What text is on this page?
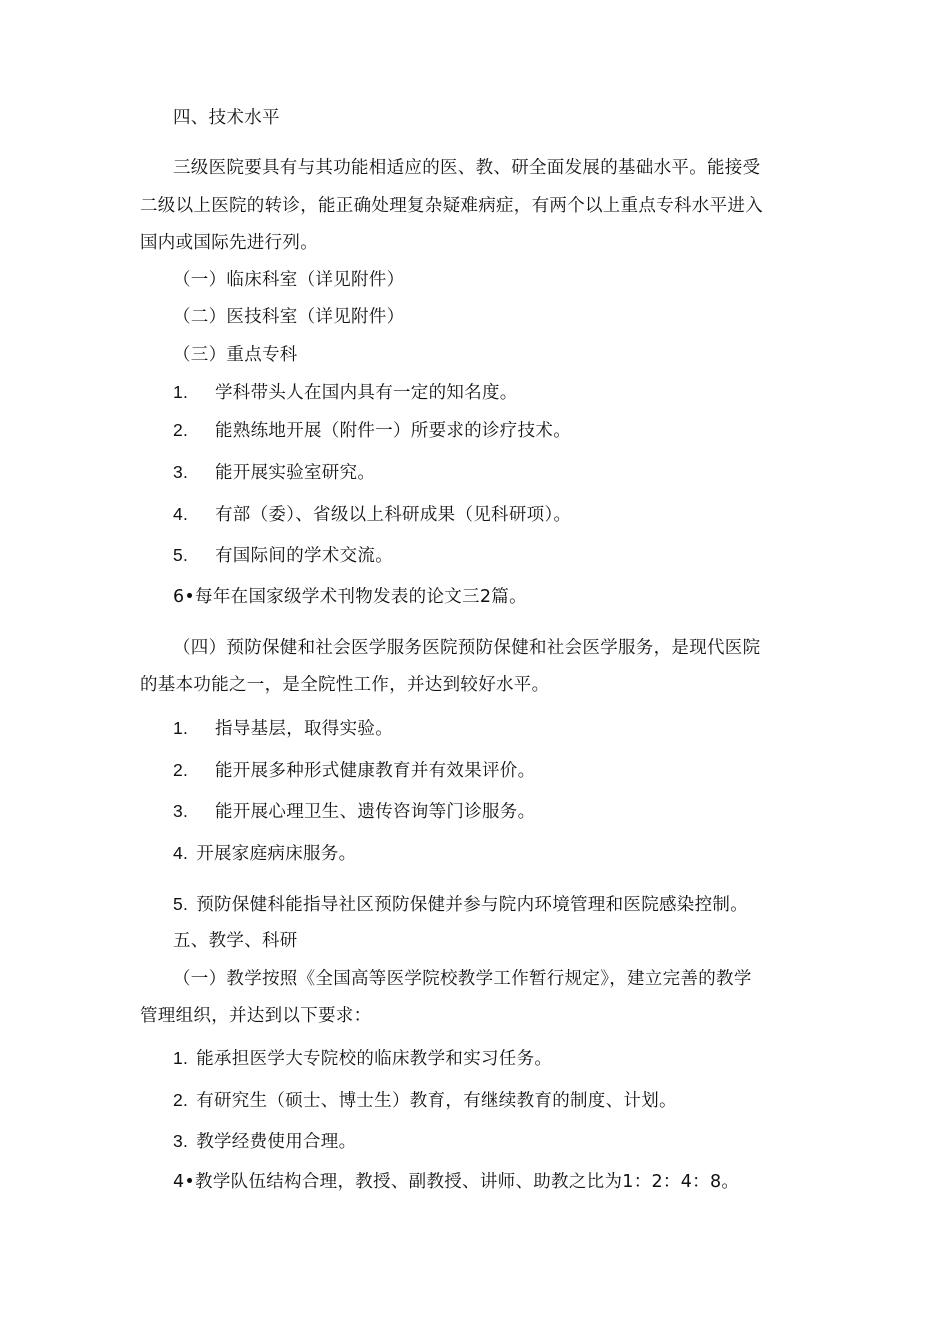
四、技术水平
三级医院要具有与其功能相适应的医、教、研全面发展的基础水平。能接受
二级以上医院的转诊，能正确处理复杂疑难病症，有两个以上重点专科水平进入
国内或国际先进行列。
（一）临床科室（详见附件）
（二）医技科室（详见附件）
（三）重点专科
1. 学科带头人在国内具有一定的知名度。
2. 能熟练地开展（附件一）所要求的诊疗技术。
3. 能开展实验室研究。
4. 有部（委）、省级以上科研成果（见科研项）。
5. 有国际间的学术交流。
6•每年在国家级学术刊物发表的论文三2篇。
（四）预防保健和社会医学服务医院预防保健和社会医学服务，是现代医院
的基本功能之一，是全院性工作，并达到较好水平。
1. 指导基层，取得实验。
2. 能开展多种形式健康教育并有效果评价。
3. 能开展心理卫生、遗传咨询等门诊服务。
4. 开展家庭病床服务。
5. 预防保健科能指导社区预防保健并参与院内环境管理和医院感染控制。
五、教学、科研
（一）教学按照《全国高等医学院校教学工作暂行规定》，建立完善的教学
管理组织，并达到以下要求：
1. 能承担医学大专院校的临床教学和实习任务。
2. 有研究生（硕士、博士生）教育，有继续教育的制度、计划。
3. 教学经费使用合理。
4•教学队伍结构合理，教授、副教授、讲师、助教之比为1：2：4：8。
